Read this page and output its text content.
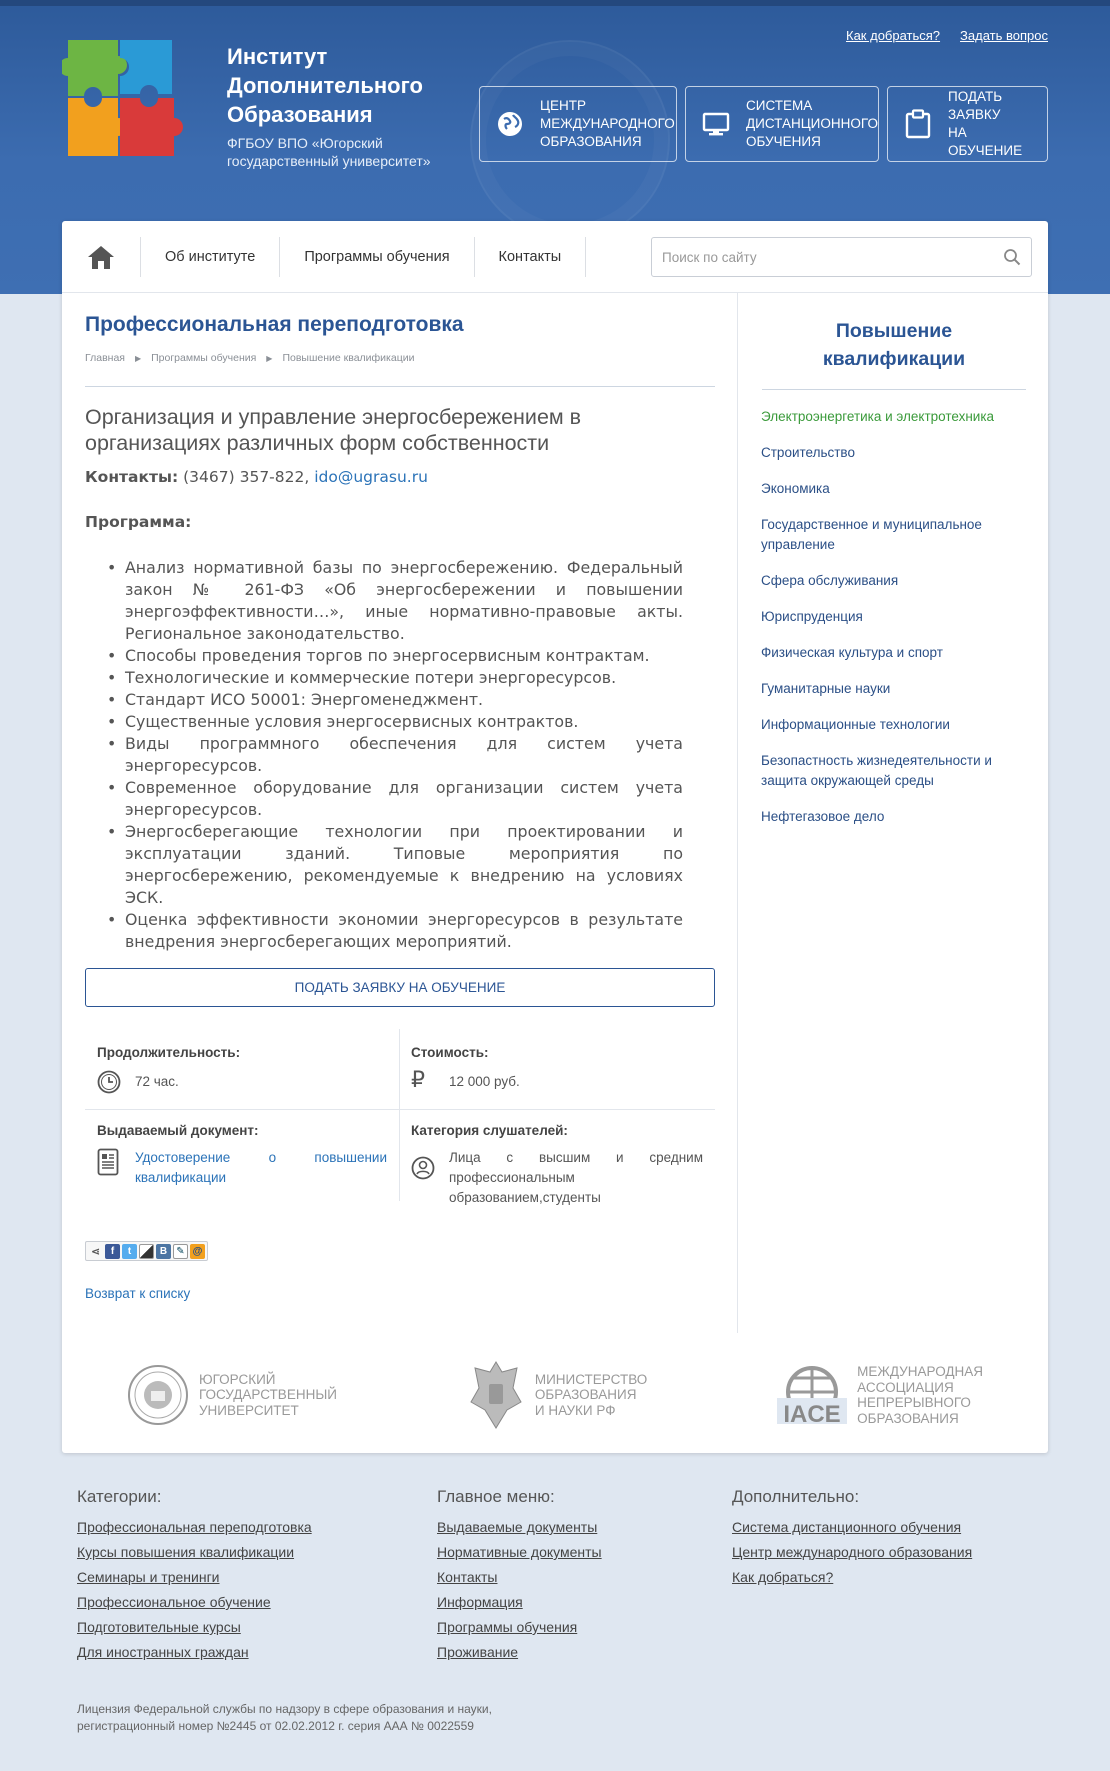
Институт
Дополнительного
Образования
ФГБОУ ВПО «Югорский государственный университет»
Как добраться? Задать вопрос
ЦЕНТР
МЕЖДУНАРОДНОГО
ОБРАЗОВАНИЯ
СИСТЕМА
ДИСТАНЦИОННОГО
ОБУЧЕНИЯ
ПОДАТЬ
ЗАЯВКУ
НА ОБУЧЕНИЕ
Об институте	Программы обучения	Контакты
Поиск по сайту
Профессиональная переподготовка
Главная ▶ Программы обучения ▶ Повышение квалификации
Организация и управление энергосбережением в организациях различных форм собственности
Контакты: (3467) 357-822, ido@ugrasu.ru
Программа:
• Анализ нормативной базы по энергосбережению. Федеральный закон № 261-ФЗ «Об энергосбережении и повышении энергоэффективности…», иные нормативно-правовые акты. Региональное законодательство.
• Способы проведения торгов по энергосервисным контрактам.
• Технологические и коммерческие потери энергоресурсов.
• Стандарт ИСО 50001: Энергоменеджмент.
• Существенные условия энергосервисных контрактов.
• Виды программного обеспечения для систем учета энергоресурсов.
• Современное оборудование для организации систем учета энергоресурсов.
• Энергосберегающие технологии при проектировании и эксплуатации зданий. Типовые мероприятия по энергосбережению, рекомендуемые к внедрению на условиях ЭСК.
• Оценка эффективности экономии энергоресурсов в результате внедрения энергосберегающих мероприятий.
ПОДАТЬ ЗАЯВКУ НА ОБУЧЕНИЕ
Продолжительность:
72 час.
Стоимость:
₽	12 000 руб.
Выдаваемый документ:
Удостоверение о повышении квалификации
Категория слушателей:
Лица с высшим и средним профессиональным образованием,студенты
⋖	f	t	В ✎ @
Возврат к списку
Повышение квалификации
Электроэнергетика и электротехника
Строительство
Экономика
Государственное и муниципальное управление
Сфера обслуживания
Юриспруденция
Физическая культура и спорт
Гуманитарные науки
Информационные технологии
Безопастность жизнедеятельности и защита окружающей среды
Нефтегазовое дело
ЮГОРСКИЙ
ГОСУДАРСТВЕННЫЙ
УНИВЕРСИТЕТ
МИНИСТЕРСТВО
ОБРАЗОВАНИЯ
И НАУКИ РФ	IACE
МЕЖДУНАРОДНАЯ
АССОЦИАЦИЯ
НЕПРЕРЫВНОГО
ОБРАЗОВАНИЯ
Категории:
Профессиональная переподготовка
Курсы повышения квалификации
Семинары и тренинги
Профессиональное обучение
Подготовительные курсы
Для иностранных граждан
Главное меню:
Выдаваемые документы
Нормативные документы
Контакты
Информация
Программы обучения
Проживание
Дополнительно:
Система дистанционного обучения
Центр международного образования
Как добраться?
Лицензия Федеральной службы по надзору в сфере образования и науки,
регистрационный номер №2445 от 02.02.2012 г. серия ААА № 0022559
